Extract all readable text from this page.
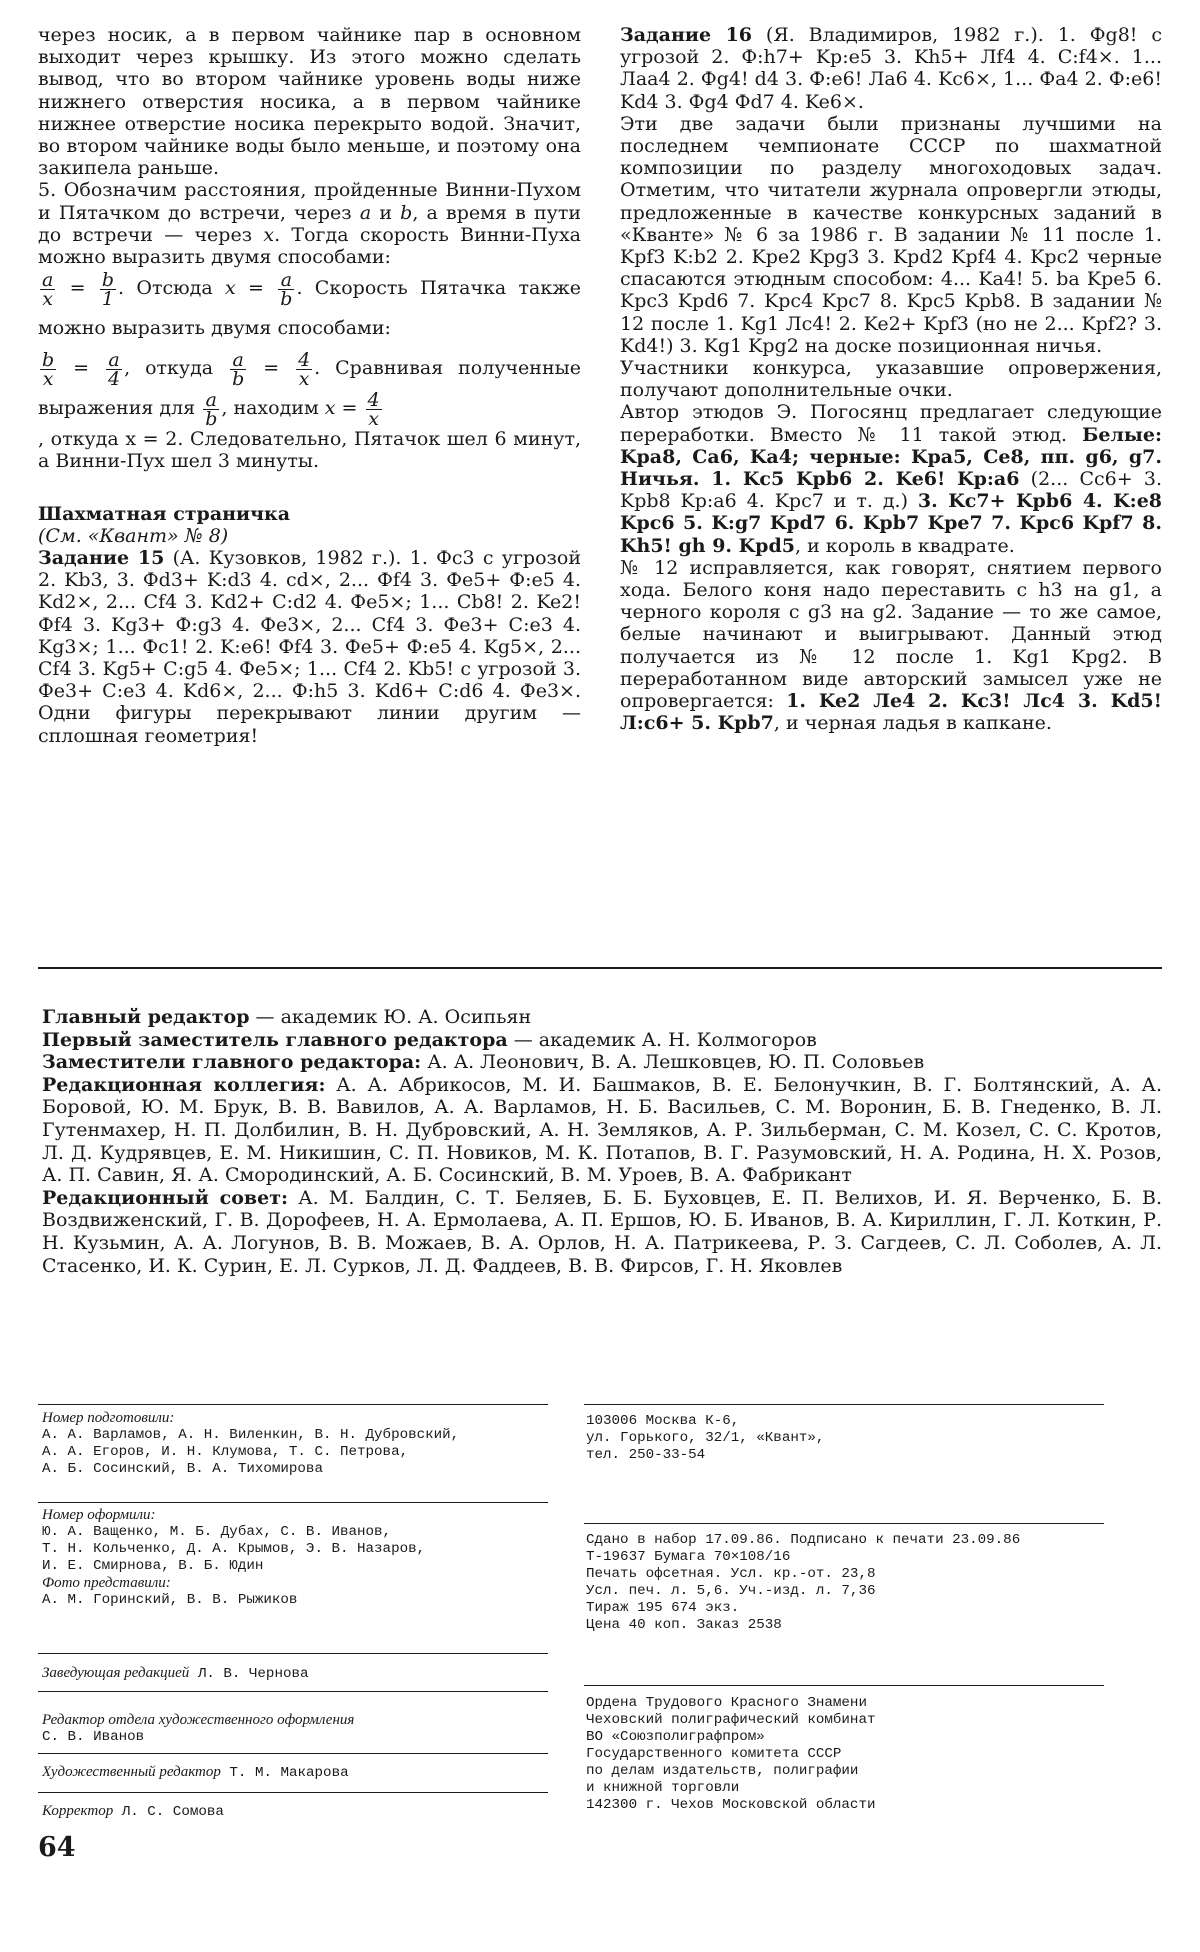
через носик, а в первом чайнике пар в основном выходит через крышку. Из этого можно сделать вывод, что во втором чайнике уровень воды ниже нижнего отверстия носика, а в первом чайнике нижнее отверстие носика перекрыто водой. Значит, во втором чайнике воды было меньше, и поэтому она закипела раньше.

5. Обозначим расстояния, пройденные Винни-Пухом и Пятачком до встречи, через a и b, а время в пути до встречи — через x. Тогда скорость Винни-Пуха можно выразить двумя способами:

$\frac{a}{x} = \frac{b}{1}$ . Отсюда $x = \frac{a}{b}$ . Скорость Пятачка также можно выразить двумя способами:

$\frac{b}{x} = \frac{a}{4}$ , откуда $\frac{a}{b} = \frac{4}{x}$ . Сравнивая полученные выражения для $\frac{a}{b}$ , находим $x = \frac{4}{x}$

, откуда x = 2. Следовательно, Пятачок шел 6 минут, а Винни-Пух шел 3 минуты.

Шахматная страничка

(См. «Квант» № 8)

Задание 15 (А. Кузовков, 1982 г.). 1. Фс3 с угрозой 2. Kb3, 3. Фd3+ K:d3 4. cd×, 2... Фf4 3. Фе5+ Ф:е5 4. Kd2×, 2... Cf4 3. Kd2+ C:d2 4. Фе5×; 1... Cb8! 2. Ke2! Фf4 3. Kg3+ Ф:g3 4. Фе3×, 2... Cf4 3. Фе3+ C:e3 4. Kg3×; 1... Фс1! 2. K:e6! Фf4 3. Фе5+ Ф:е5 4. Kg5×, 2... Cf4 3. Kg5+ C:g5 4. Фе5×; 1... Cf4 2. Kb5! с угрозой 3. Фе3+ C:e3 4. Kd6×, 2... Ф:h5 3. Kd6+ C:d6 4. Фе3×. Одни фигуры перекрывают линии другим — сплошная геометрия!

Задание 16 (Я. Владимиров, 1982 г.). 1. Фg8! с угрозой 2. Ф:h7+ Kp:e5 3. Kh5+ Лf4 4. C:f4×. 1... Лаа4 2. Фg4! d4 3. Ф:e6! Ла6 4. Kc6×, 1... Фа4 2. Ф:e6! Kd4 3. Фg4 Фd7 4. Ke6×.

Эти две задачи были признаны лучшими на последнем чемпионате СССР по шахматной композиции по разделу многоходовых задач. Отметим, что читатели журнала опровергли этюды, предложенные в качестве конкурсных заданий в «Кванте» № 6 за 1986 г. В задании № 11 после 1. Kpf3 K:b2 2. Kpe2 Kpg3 3. Kpd2 Kpf4 4. Kpc2 черные спасаются этюдным способом: 4... Ka4! 5. ba Kpe5 6. Kpc3 Kpd6 7. Kpc4 Kpc7 8. Kpc5 Kpb8. В задании № 12 после 1. Kg1 Лс4! 2. Ke2+ Kpf3 (но не 2... Kpf2? 3. Kd4!) 3. Kg1 Kpg2 на доске позиционная ничья.

Участники конкурса, указавшие опровержения, получают дополнительные очки.

Автор этюдов Э. Погосянц предлагает следующие переработки. Вместо № 11 такой этюд. Белые: Kpa8, Ca6, Ka4; черные: Kpa5, Ce8, пп. g6, g7. Ничья. 1. Kc5 Kpb6 2. Ke6! Kp:a6 (2... Cc6+ 3. Kpb8 Kp:a6 4. Kpc7 и т. д.) 3. Kc7+ Kpb6 4. K:e8 Kpc6 5. K:g7 Kpd7 6. Kpb7 Kpe7 7. Kpc6 Kpf7 8. Kh5! gh 9. Kpd5, и король в квадрате.

№ 12 исправляется, как говорят, снятием первого хода. Белого коня надо переставить с h3 на g1, а черного короля с g3 на g2. Задание — то же самое, белые начинают и выигрывают. Данный этюд получается из № 12 после 1. Kg1 Kpg2. В переработанном виде авторский замысел уже не опровергается: 1. Ke2 Ле4 2. Kc3! Лс4 3. Kd5! Л:c6+ 5. Kpb7, и черная ладья в капкане.

Главный редактор — академик Ю. А. Осипьян

Первый заместитель главного редактора — академик А. Н. Колмогоров

Заместители главного редактора: А. А. Леонович, В. А. Лешковцев, Ю. П. Соловьев

Редакционная коллегия: А. А. Абрикосов, М. И. Башмаков, В. Е. Белонучкин, В. Г. Болтянский, А. А. Боровой, Ю. М. Брук, В. В. Вавилов, А. А. Варламов, Н. Б. Васильев, С. М. Воронин, Б. В. Гнеденко, В. Л. Гутенмахер, Н. П. Долбилин, В. Н. Дубровский, А. Н. Земляков, А. Р. Зильберман, С. М. Козел, С. С. Кротов, Л. Д. Кудрявцев, Е. М. Никишин, С. П. Новиков, М. К. Потапов, В. Г. Разумовский, Н. А. Родина, Н. Х. Розов, А. П. Савин, Я. А. Смородинский, А. Б. Сосинский, В. М. Уроев, В. А. Фабрикант

Редакционный совет: А. М. Балдин, С. Т. Беляев, Б. Б. Буховцев, Е. П. Велихов, И. Я. Верченко, Б. В. Воздвиженский, Г. В. Дорофеев, Н. А. Ермолаева, А. П. Ершов, Ю. Б. Иванов, В. А. Кириллин, Г. Л. Коткин, Р. Н. Кузьмин, А. А. Логунов, В. В. Можаев, В. А. Орлов, Н. А. Патрикеева, Р. З. Сагдеев, С. Л. Соболев, А. Л. Стасенко, И. К. Сурин, Е. Л. Сурков, Л. Д. Фаддеев, В. В. Фирсов, Г. Н. Яковлев

Номер подготовили:

А. А. Варламов, А. Н. Виленкин, В. Н. Дубровский,

А. А. Егоров, И. Н. Клумова, Т. С. Петрова,

А. Б. Сосинский, В. А. Тихомирова

Номер оформили:

Ю. А. Ващенко, М. Б. Дубах, С. В. Иванов,

Т. Н. Кольченко, Д. А. Крымов, Э. В. Назаров,

И. Е. Смирнова, В. Б. Юдин

Фото представили:

А. М. Горинский, В. В. Рыжиков

Заведующая редакцией Л. В. Чернова

Редактор отдела художественного оформления

С. В. Иванов

Художественный редактор Т. М. Макарова

Корректор Л. С. Сомова

103006 Москва К-6,

ул. Горького, 32/1, «Квант»,

тел. 250-33-54

Сдано в набор 17.09.86. Подписано к печати 23.09.86

Т-19637 Бумага 70×108/16

Печать офсетная. Усл. кр.-от. 23,8

Усл. печ. л. 5,6. Уч.-изд. л. 7,36

Тираж 195 674 экз.

Цена 40 коп. Заказ 2538

Ордена Трудового Красного Знамени

Чеховский полиграфический комбинат

ВО «Союзполиграфпром»

Государственного комитета СССР

по делам издательств, полиграфии

и книжной торговли

142300 г. Чехов Московской области

64
